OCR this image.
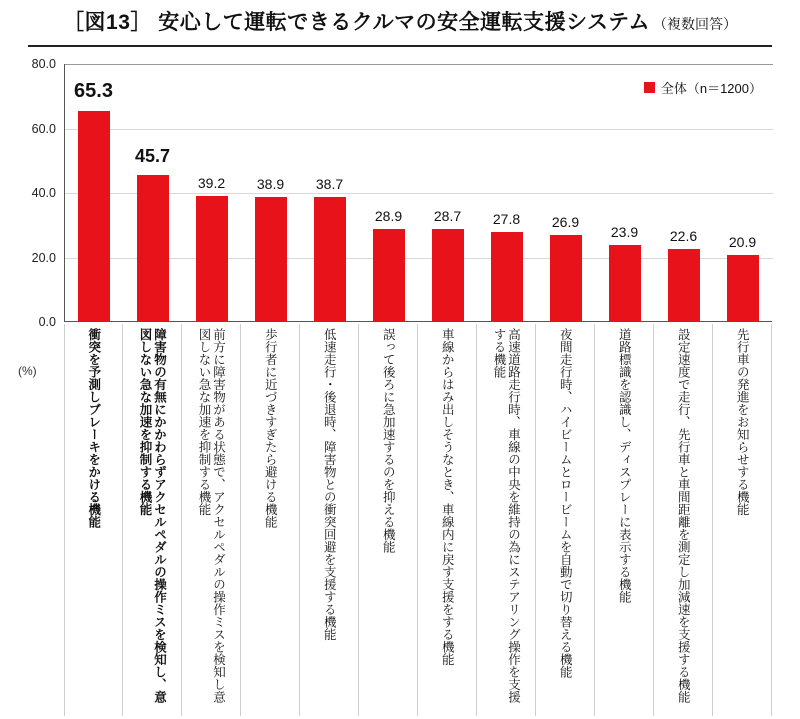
［図13］ 安心して運転できるクルマの安全運転支援システム （複数回答）
全体（n＝1200）
80.0
60.0
40.0
20.0
0.0
(%)
65.3
45.7
39.2	38.9	38.7
28.9	28.7	27.8	26.9
23.9	22.6	20.9
衝突を予測しブレーキをかける機能	障害物の有無にかかわらずアクセルペダルの操作ミスを検知し、意図しない急な加速を抑制する機能	前方に障害物がある状態で、アクセルペダルの操作ミスを検知し意図しない急な加速を抑制する機能	歩行者に近づきすぎたら避ける機能	低速走行・後退時、障害物との衝突回避を支援する機能	誤って後ろに急加速するのを抑える機能	車線からはみ出しそうなとき、車線内に戻す支援をする機能	高速道路走行時、車線の中央を維持の為にステアリング操作を支援する機能	夜間走行時、ハイビームとロービームを自動で切り替える機能	道路標識を認識し、ディスプレーに表示する機能	設定速度で走行、先行車と車間距離を測定し加減速を支援する機能	先行車の発進をお知らせする機能
